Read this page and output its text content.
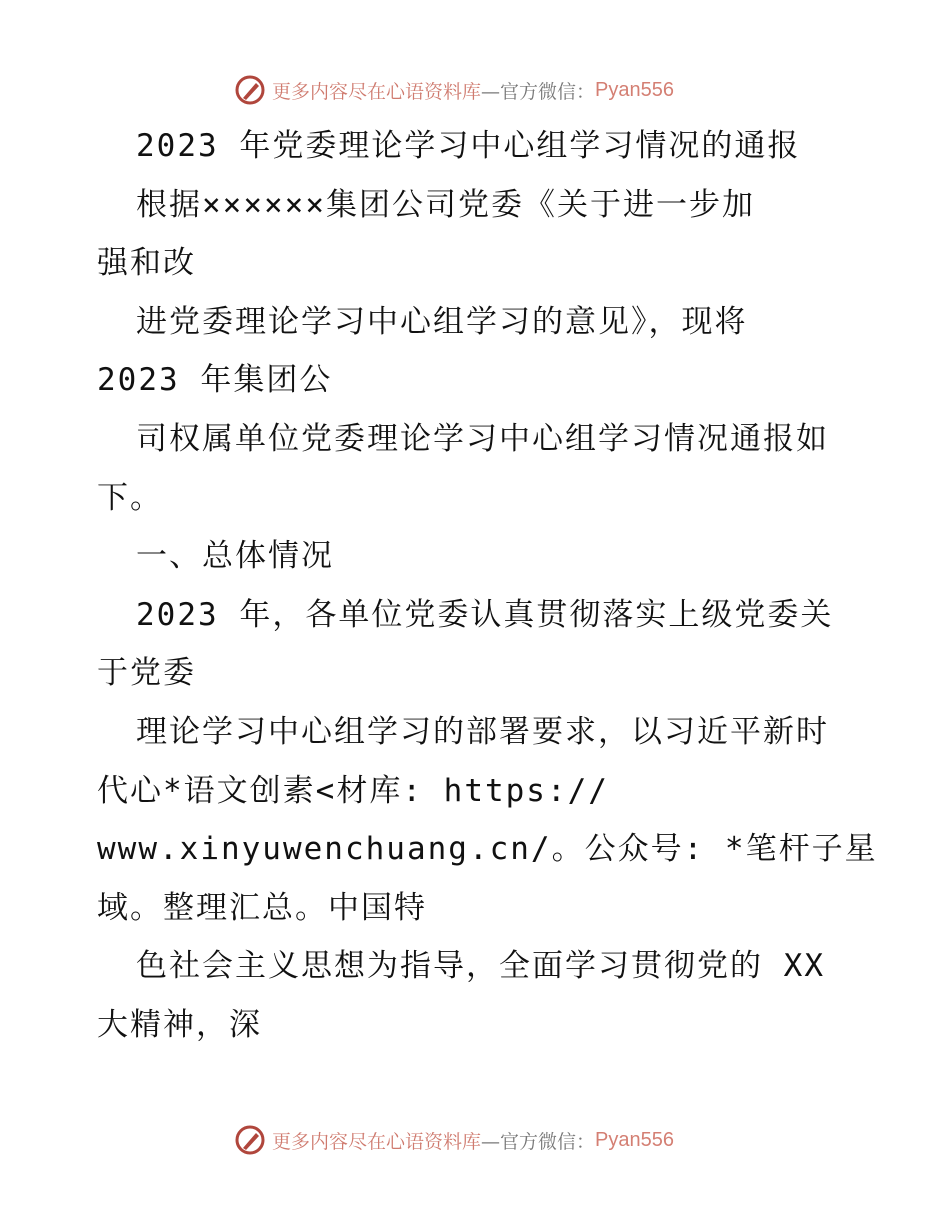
更多内容尽在心语资料库 —官方微信： Pyan556
2023 年党委理论学习中心组学习情况的通报
根据××××××集团公司党委《关于进一步加
强和改
进党委理论学习中心组学习的意见》，现将
2023 年集团公
司权属单位党委理论学习中心组学习情况通报如
下。
一、总体情况
2023 年，各单位党委认真贯彻落实上级党委关
于党委
理论学习中心组学习的部署要求，以习近平新时
代心*语文创素<材库: https://
www.xinyuwenchuang.cn/。公众号: *笔杆子星
域。整理汇总。中国特
色社会主义思想为指导，全面学习贯彻党的 XX
大精神，深
更多内容尽在心语资料库 —官方微信： Pyan556
